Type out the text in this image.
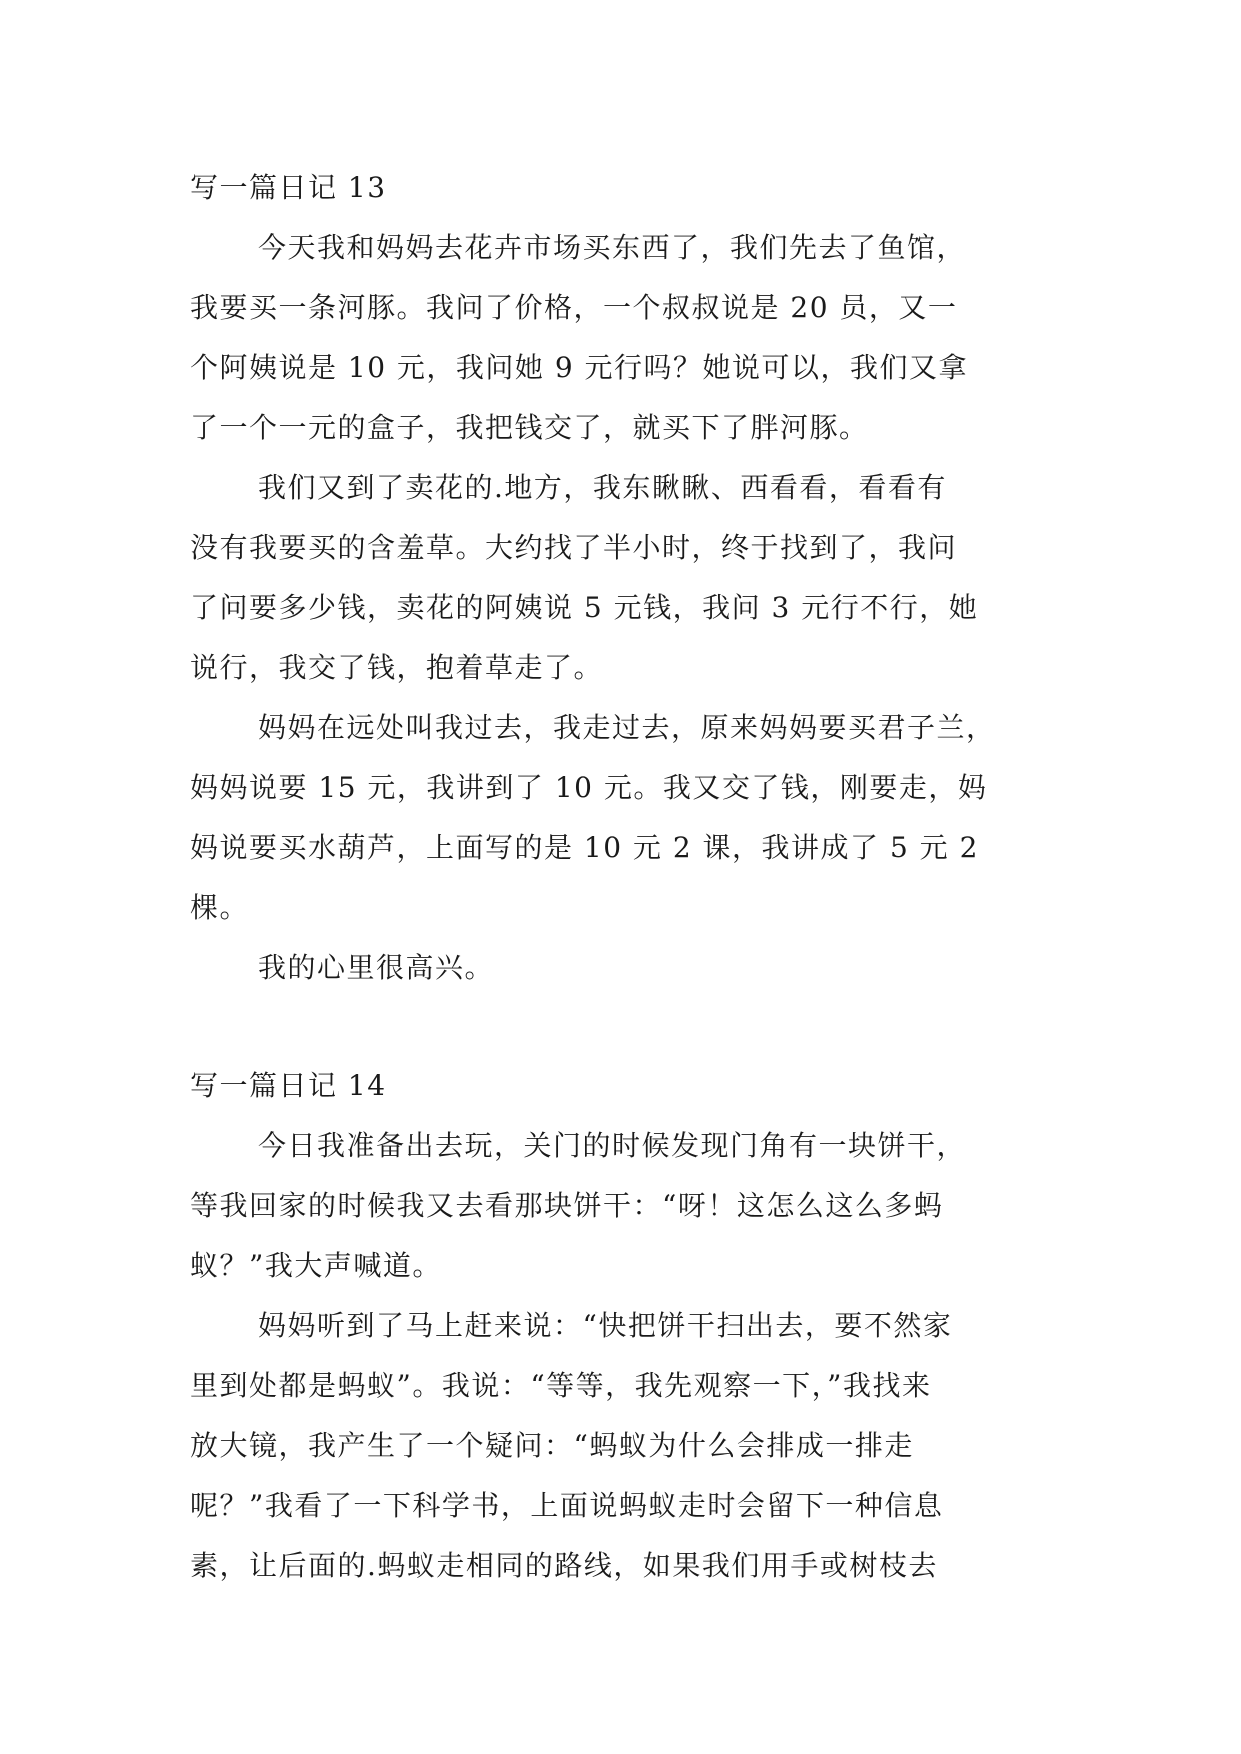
写一篇日记 13
今天我和妈妈去花卉市场买东西了，我们先去了鱼馆，
我要买一条河豚。我问了价格，一个叔叔说是 20 员，又一
个阿姨说是 10 元，我问她 9 元行吗？她说可以，我们又拿
了一个一元的盒子，我把钱交了，就买下了胖河豚。
我们又到了卖花的.地方，我东瞅瞅、西看看，看看有
没有我要买的含羞草。大约找了半小时，终于找到了，我问
了问要多少钱，卖花的阿姨说 5 元钱，我问 3 元行不行，她
说行，我交了钱，抱着草走了。
妈妈在远处叫我过去，我走过去，原来妈妈要买君子兰，
妈妈说要 15 元，我讲到了 10 元。我又交了钱，刚要走，妈
妈说要买水葫芦，上面写的是 10 元 2 课，我讲成了 5 元 2
棵。
我的心里很高兴。
写一篇日记 14
今日我准备出去玩，关门的时候发现门角有一块饼干，
等我回家的时候我又去看那块饼干：“呀！这怎么这么多蚂
蚁？”我大声喊道。
妈妈听到了马上赶来说：“快把饼干扫出去，要不然家
里到处都是蚂蚁”。我说：“等等，我先观察一下，”我找来
放大镜，我产生了一个疑问：“蚂蚁为什么会排成一排走
呢？”我看了一下科学书，上面说蚂蚁走时会留下一种信息
素，让后面的.蚂蚁走相同的路线，如果我们用手或树枝去
